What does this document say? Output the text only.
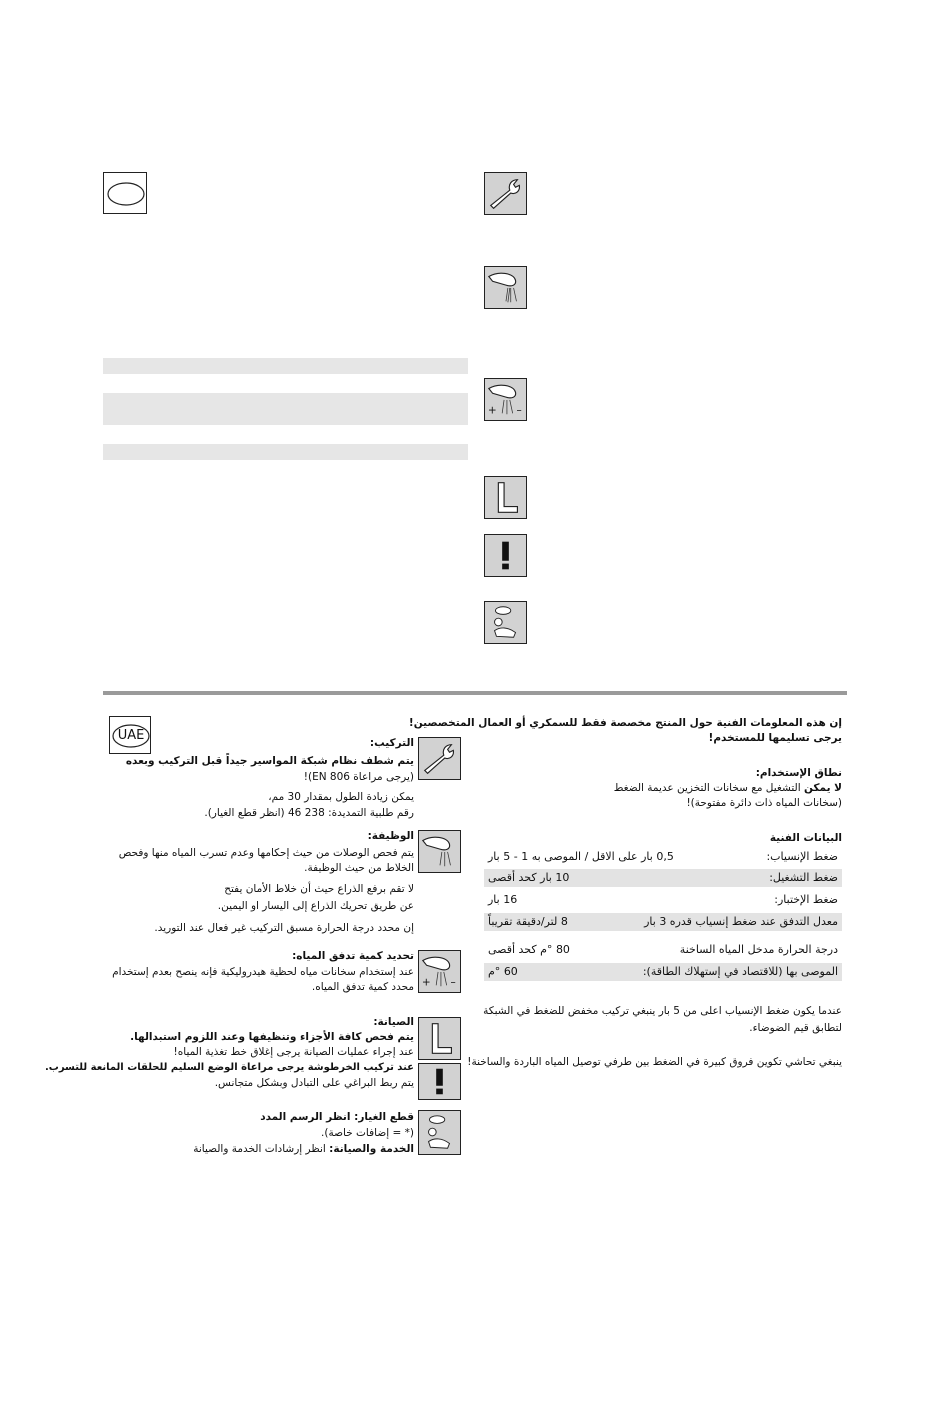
+ –
إن هذه المعلومات الفنية حول المنتج مخصصة فقط للسمكري أو العمال المتخصصين!
يرجى تسليمها للمستخدم!
نطاق الإستخدام:
لا يمكن التشغيل مع سخانات التخزين عديمة الضغط
(سخانات المياه ذات دائرة مفتوحة)!
البيانات الفنية
ضغط الإنسياب:
0,5 بار على الاقل / الموصى به 1 - 5 بار
ضغط التشغيل:
10 بار كحد أقصى
ضغط الإختبار:
16 بار
معدل التدفق عند ضغط إنسياب قدره 3 بار
8 لتر/دقيقة تقريباً
درجة الحرارة مدخل المياه الساخنة
80 °م كحد أقصى
الموصى بها (للاقتصاد في إستهلاك الطاقة):
60 °م
عندما يكون ضغط الإنسياب اعلى من 5 بار ينبغي تركيب مخفض للضغط في الشبكة
لتطابق قيم الضوضاء.
ينبغي تحاشي تكوين فروق كبيرة في الضغط بين طرفي توصيل المياه الباردة والساخنة!
UAE
+ –
التركيب:
يتم شطف نظام شبكة المواسير جيداً قبل التركيب وبعده
(يرجى مراعاة EN 806)!
يمكن زيادة الطول بمقدار 30 مم،
رقم طلبية التمديدة: 238 46 (انظر قطع الغيار).
الوظيفة:
يتم فحص الوصلات من حيث إحكامها وعدم تسرب المياه منها وفحص الخلاط من حيث الوظيفة.
لا تقم برفع الذراع حيث أن خلاط الأمان يفتح
عن طريق تحريك الذراع إلى اليسار او اليمين.
إن محدد درجة الحرارة مسبق التركيب غير فعال عند التوريد.
تحديد كمية تدفق المياه:
عند إستخدام سخانات مياه لحظية هيدروليكية فإنه ينصح بعدم إستخدام محدد كمية تدفق المياه.
الصيانة:
يتم فحص كافة الأجزاء وتنظيفها وعند اللزوم استبدالها.
عند إجراء عمليات الصيانة يرجى إغلاق خط تغذية المياه!
عند تركيب الخرطوشة يرجى مراعاة الوضع السليم للحلقات المانعة للتسرب.
يتم ربط البراغي على التبادل وبشكل متجانس.
قطع الغيار: انظر الرسم المدد
(* = إضافات خاصة).
الخدمة والصيانة: انظر إرشادات الخدمة والصيانة
